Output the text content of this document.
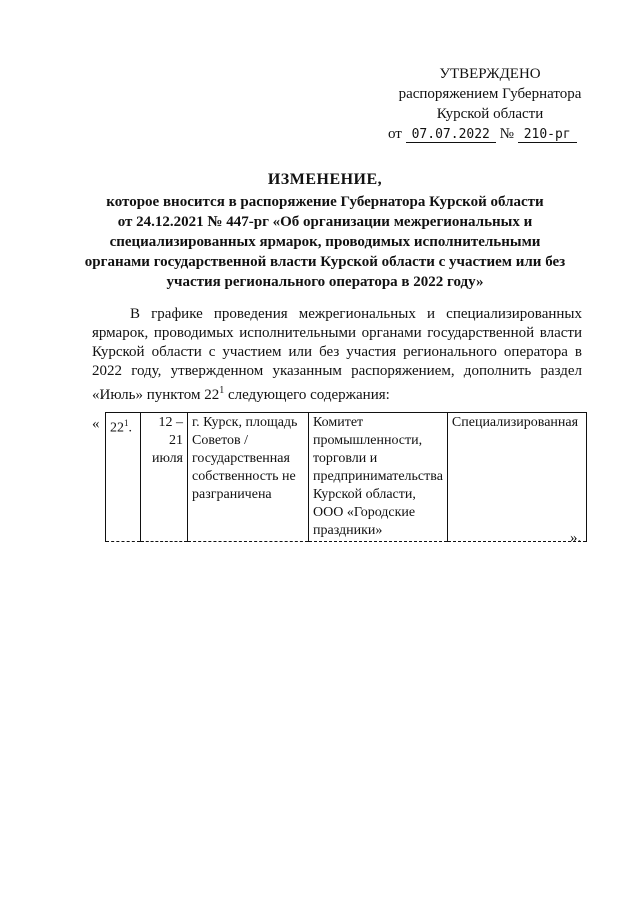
УТВЕРЖДЕНО
распоряжением Губернатора
Курской области
от 07.07.2022 № 210-рг
ИЗМЕНЕНИЕ,
которое вносится в распоряжение Губернатора Курской области
от 24.12.2021 № 447-рг «Об организации межрегиональных и
специализированных ярмарок, проводимых исполнительными
органами государственной власти Курской области с участием или без
участия регионального оператора в 2022 году»
В графике проведения межрегиональных и специализированных ярмарок, проводимых исполнительными органами государственной власти Курской области с участием или без участия регионального оператора в 2022 году, утвержденном указанным распоряжением, дополнить раздел «Июль» пунктом $22^1$ следующего содержания:
« $22^1$.	12 – 21 июля	г. Курск, площадь Советов / государственная собственность не разграничена	Комитет промышленности, торговли и предпринимательства Курской области, ООО «Городские праздники»	Специализированная
».
